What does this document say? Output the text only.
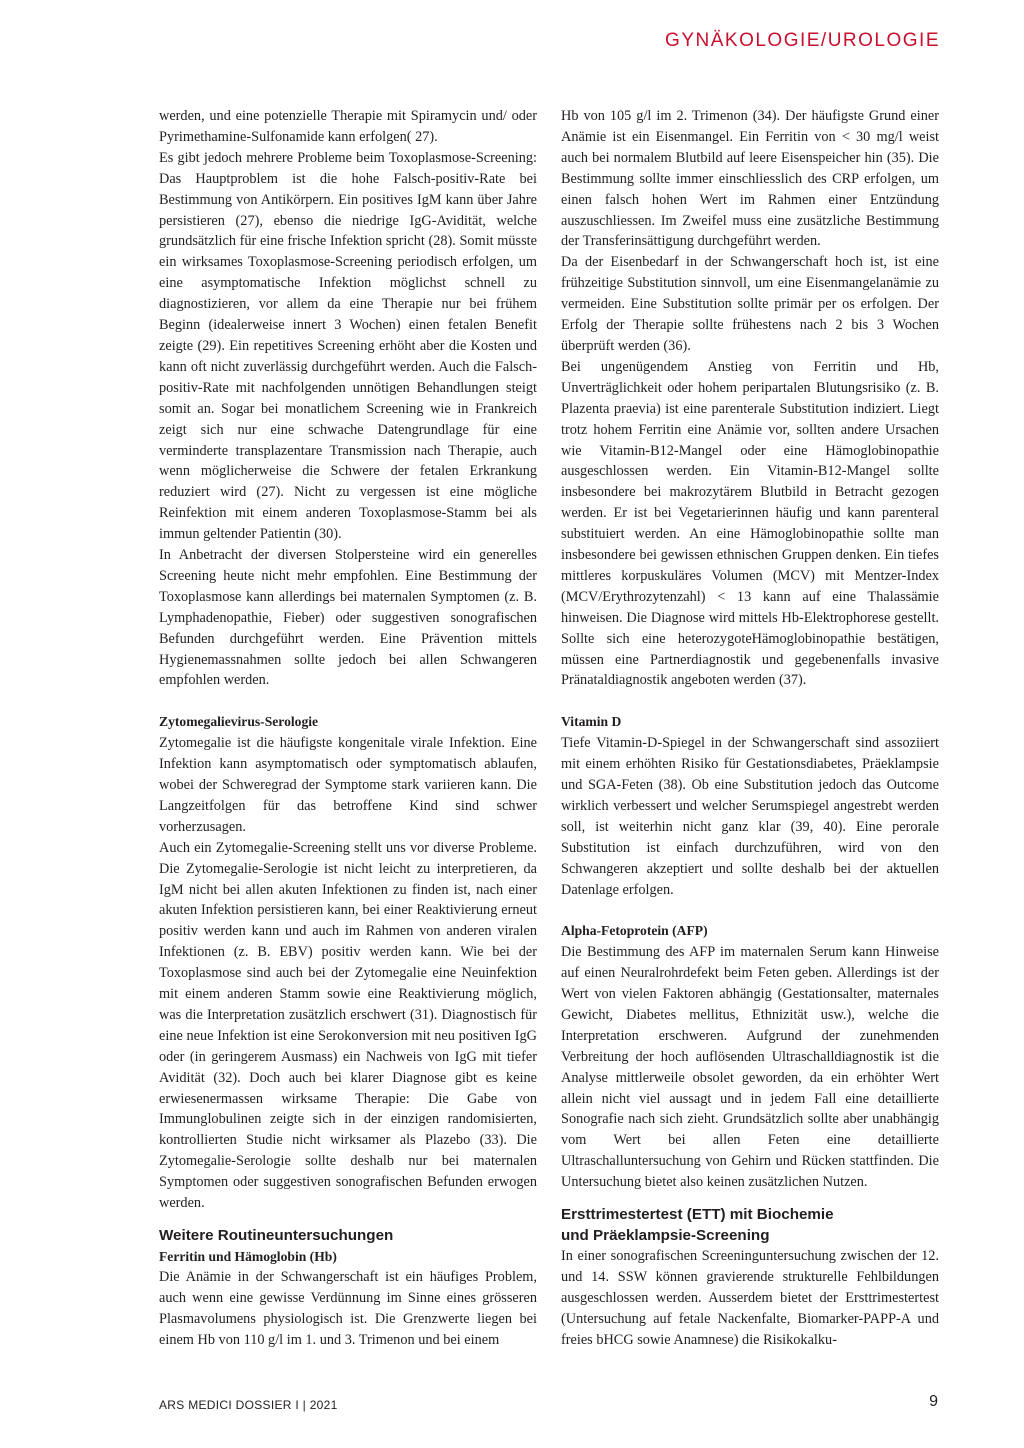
GYNÄKOLOGIE/UROLOGIE

werden, und eine potenzielle Therapie mit Spiramycin und/ oder Pyrimethamine-Sulfonamide kann erfolgen( 27).

Es gibt jedoch mehrere Probleme beim Toxoplasmose-Screening: Das Hauptproblem ist die hohe Falsch-positiv-Rate bei Bestimmung von Antikörpern. Ein positives IgM kann über Jahre persistieren (27), ebenso die niedrige IgG-Avidität, welche grundsätzlich für eine frische Infektion spricht (28). Somit müsste ein wirksames Toxoplasmose-Screening periodisch erfolgen, um eine asymptomatische Infektion möglichst schnell zu diagnostizieren, vor allem da eine Therapie nur bei frühem Beginn (idealerweise innert 3 Wochen) einen fetalen Benefit zeigte (29). Ein repetitives Screening erhöht aber die Kosten und kann oft nicht zuverlässig durchgeführt werden. Auch die Falsch-positiv-Rate mit nachfolgenden unnötigen Behandlungen steigt somit an. Sogar bei monatlichem Screening wie in Frankreich zeigt sich nur eine schwache Datengrundlage für eine verminderte transplazentare Transmission nach Therapie, auch wenn möglicherweise die Schwere der fetalen Erkrankung reduziert wird (27). Nicht zu vergessen ist eine mögliche Reinfektion mit einem anderen Toxoplasmose-Stamm bei als immun geltender Patientin (30).

In Anbetracht der diversen Stolpersteine wird ein generelles Screening heute nicht mehr empfohlen. Eine Bestimmung der Toxoplasmose kann allerdings bei maternalen Symptomen (z. B. Lymphadenopathie, Fieber) oder suggestiven sonografischen Befunden durchgeführt werden. Eine Prävention mittels Hygienemassnahmen sollte jedoch bei allen Schwangeren empfohlen werden.

Zytomegalievirus-Serologie

Zytomegalie ist die häufigste kongenitale virale Infektion. Eine Infektion kann asymptomatisch oder symptomatisch ablaufen, wobei der Schweregrad der Symptome stark variieren kann. Die Langzeitfolgen für das betroffene Kind sind schwer vorherzusagen.

Auch ein Zytomegalie-Screening stellt uns vor diverse Probleme. Die Zytomegalie-Serologie ist nicht leicht zu interpretieren, da IgM nicht bei allen akuten Infektionen zu finden ist, nach einer akuten Infektion persistieren kann, bei einer Reaktivierung erneut positiv werden kann und auch im Rahmen von anderen viralen Infektionen (z. B. EBV) positiv werden kann. Wie bei der Toxoplasmose sind auch bei der Zytomegalie eine Neuinfektion mit einem anderen Stamm sowie eine Reaktivierung möglich, was die Interpretation zusätzlich erschwert (31). Diagnostisch für eine neue Infektion ist eine Serokonversion mit neu positiven IgG oder (in geringerem Ausmass) ein Nachweis von IgG mit tiefer Avidität (32). Doch auch bei klarer Diagnose gibt es keine erwiesenermassen wirksame Therapie: Die Gabe von Immunglobulinen zeigte sich in der einzigen randomisierten, kontrollierten Studie nicht wirksamer als Plazebo (33). Die Zytomegalie-Serologie sollte deshalb nur bei maternalen Symptomen oder suggestiven sonografischen Befunden erwogen werden.

Weitere Routineuntersuchungen

Ferritin und Hämoglobin (Hb)

Die Anämie in der Schwangerschaft ist ein häufiges Problem, auch wenn eine gewisse Verdünnung im Sinne eines grösseren Plasmavolumens physiologisch ist. Die Grenzwerte liegen bei einem Hb von 110 g/l im 1. und 3. Trimenon und bei einem

Hb von 105 g/l im 2. Trimenon (34). Der häufigste Grund einer Anämie ist ein Eisenmangel. Ein Ferritin von < 30 mg/l weist auch bei normalem Blutbild auf leere Eisenspeicher hin (35). Die Bestimmung sollte immer einschliesslich des CRP erfolgen, um einen falsch hohen Wert im Rahmen einer Entzündung auszuschliessen. Im Zweifel muss eine zusätzliche Bestimmung der Transferinsättigung durchgeführt werden.

Da der Eisenbedarf in der Schwangerschaft hoch ist, ist eine frühzeitige Substitution sinnvoll, um eine Eisenmangelanämie zu vermeiden. Eine Substitution sollte primär per os erfolgen. Der Erfolg der Therapie sollte frühestens nach 2 bis 3 Wochen überprüft werden (36).

Bei ungenügendem Anstieg von Ferritin und Hb, Unverträglichkeit oder hohem peripartalen Blutungsrisiko (z. B. Plazenta praevia) ist eine parenterale Substitution indiziert. Liegt trotz hohem Ferritin eine Anämie vor, sollten andere Ursachen wie Vitamin-B12-Mangel oder eine Hämoglobinopathie ausgeschlossen werden. Ein Vitamin-B12-Mangel sollte insbesondere bei makrozytärem Blutbild in Betracht gezogen werden. Er ist bei Vegetarierinnen häufig und kann parenteral substituiert werden. An eine Hämoglobinopathie sollte man insbesondere bei gewissen ethnischen Gruppen denken. Ein tiefes mittleres korpuskuläres Volumen (MCV) mit Mentzer-Index (MCV/Erythrozytenzahl) < 13 kann auf eine Thalassämie hinweisen. Die Diagnose wird mittels Hb-Elektrophorese gestellt. Sollte sich eine heterozygoteHämoglobinopathie bestätigen, müssen eine Partnerdiagnostik und gegebenenfalls invasive Pränataldiagnostik angeboten werden (37).

Vitamin D

Tiefe Vitamin-D-Spiegel in der Schwangerschaft sind assoziiert mit einem erhöhten Risiko für Gestationsdiabetes, Präeklampsie und SGA-Feten (38). Ob eine Substitution jedoch das Outcome wirklich verbessert und welcher Serumspiegel angestrebt werden soll, ist weiterhin nicht ganz klar (39, 40). Eine perorale Substitution ist einfach durchzuführen, wird von den Schwangeren akzeptiert und sollte deshalb bei der aktuellen Datenlage erfolgen.

Alpha-Fetoprotein (AFP)

Die Bestimmung des AFP im maternalen Serum kann Hinweise auf einen Neuralrohrdefekt beim Feten geben. Allerdings ist der Wert von vielen Faktoren abhängig (Gestationsalter, maternales Gewicht, Diabetes mellitus, Ethnizität usw.), welche die Interpretation erschweren. Aufgrund der zunehmenden Verbreitung der hoch auflösenden Ultraschalldiagnostik ist die Analyse mittlerweile obsolet geworden, da ein erhöhter Wert allein nicht viel aussagt und in jedem Fall eine detaillierte Sonografie nach sich zieht. Grundsätzlich sollte aber unabhängig vom Wert bei allen Feten eine detaillierte Ultraschalluntersuchung von Gehirn und Rücken stattfinden. Die Untersuchung bietet also keinen zusätzlichen Nutzen.

Ersttrimestertest (ETT) mit Biochemie
und Präeklampsie-Screening

In einer sonografischen Screeninguntersuchung zwischen der 12. und 14. SSW können gravierende strukturelle Fehlbildungen ausgeschlossen werden. Ausserdem bietet der Ersttrimestertest (Untersuchung auf fetale Nackenfalte, Biomarker-PAPP-A und freies bHCG sowie Anamnese) die Risikokalku-

ARS MEDICI DOSSIER I | 2021	9
